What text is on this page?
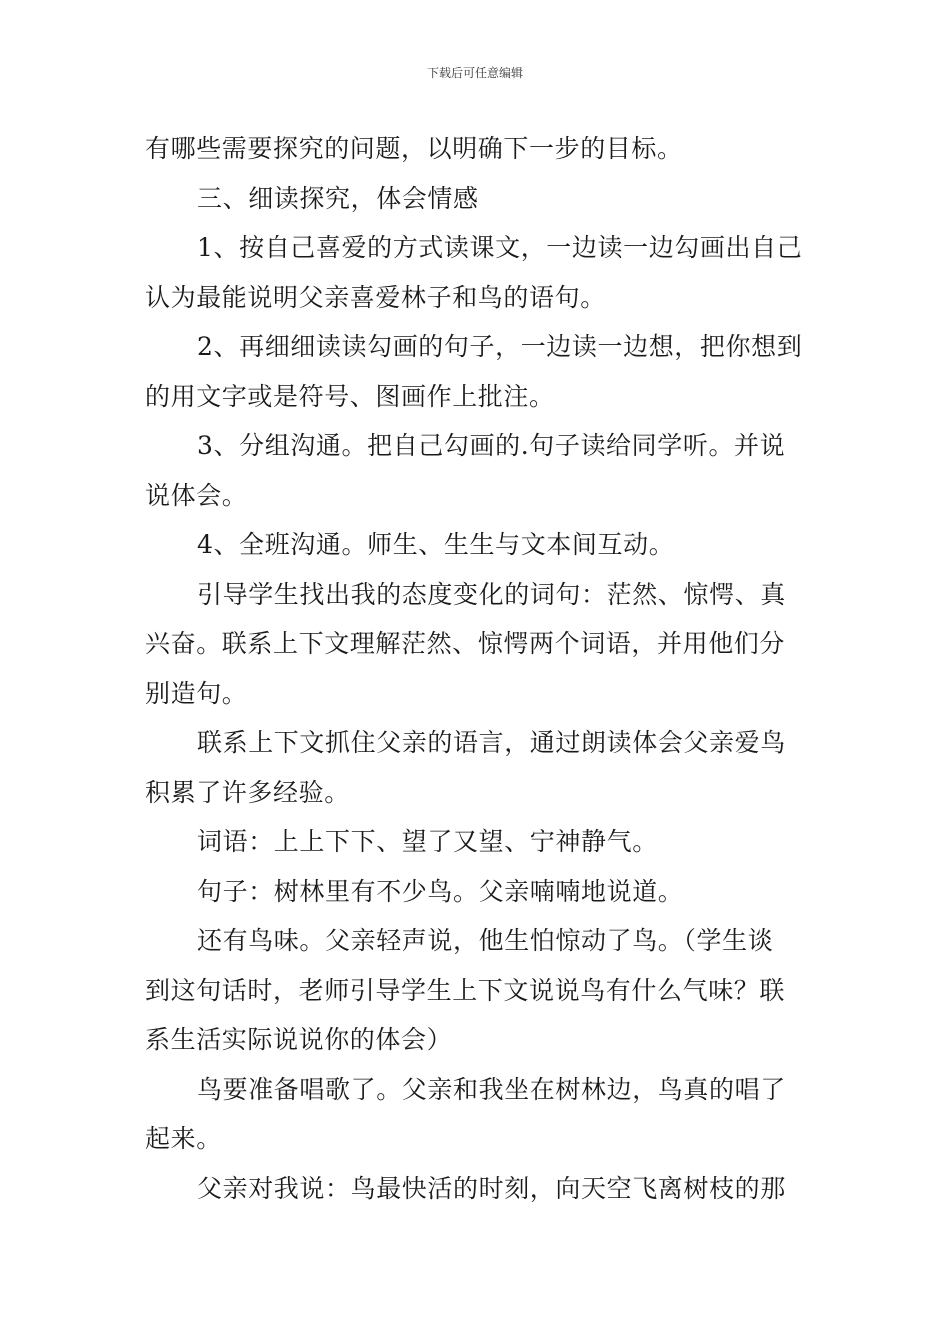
下载后可任意编辑
有哪些需要探究的问题，以明确下一步的目标。
三、细读探究，体会情感
1、按自己喜爱的方式读课文，一边读一边勾画出自己
认为最能说明父亲喜爱林子和鸟的语句。
2、再细细读读勾画的句子，一边读一边想，把你想到
的用文字或是符号、图画作上批注。
3、分组沟通。把自己勾画的.句子读给同学听。并说
说体会。
4、全班沟通。师生、生生与文本间互动。
引导学生找出我的态度变化的词句：茫然、惊愕、真
兴奋。联系上下文理解茫然、惊愕两个词语，并用他们分
别造句。
联系上下文抓住父亲的语言，通过朗读体会父亲爱鸟
积累了许多经验。
词语：上上下下、望了又望、宁神静气。
句子：树林里有不少鸟。父亲喃喃地说道。
还有鸟味。父亲轻声说，他生怕惊动了鸟。（学生谈
到这句话时，老师引导学生上下文说说鸟有什么气味？联
系生活实际说说你的体会）
鸟要准备唱歌了。父亲和我坐在树林边，鸟真的唱了
起来。
父亲对我说：鸟最快活的时刻，向天空飞离树枝的那
